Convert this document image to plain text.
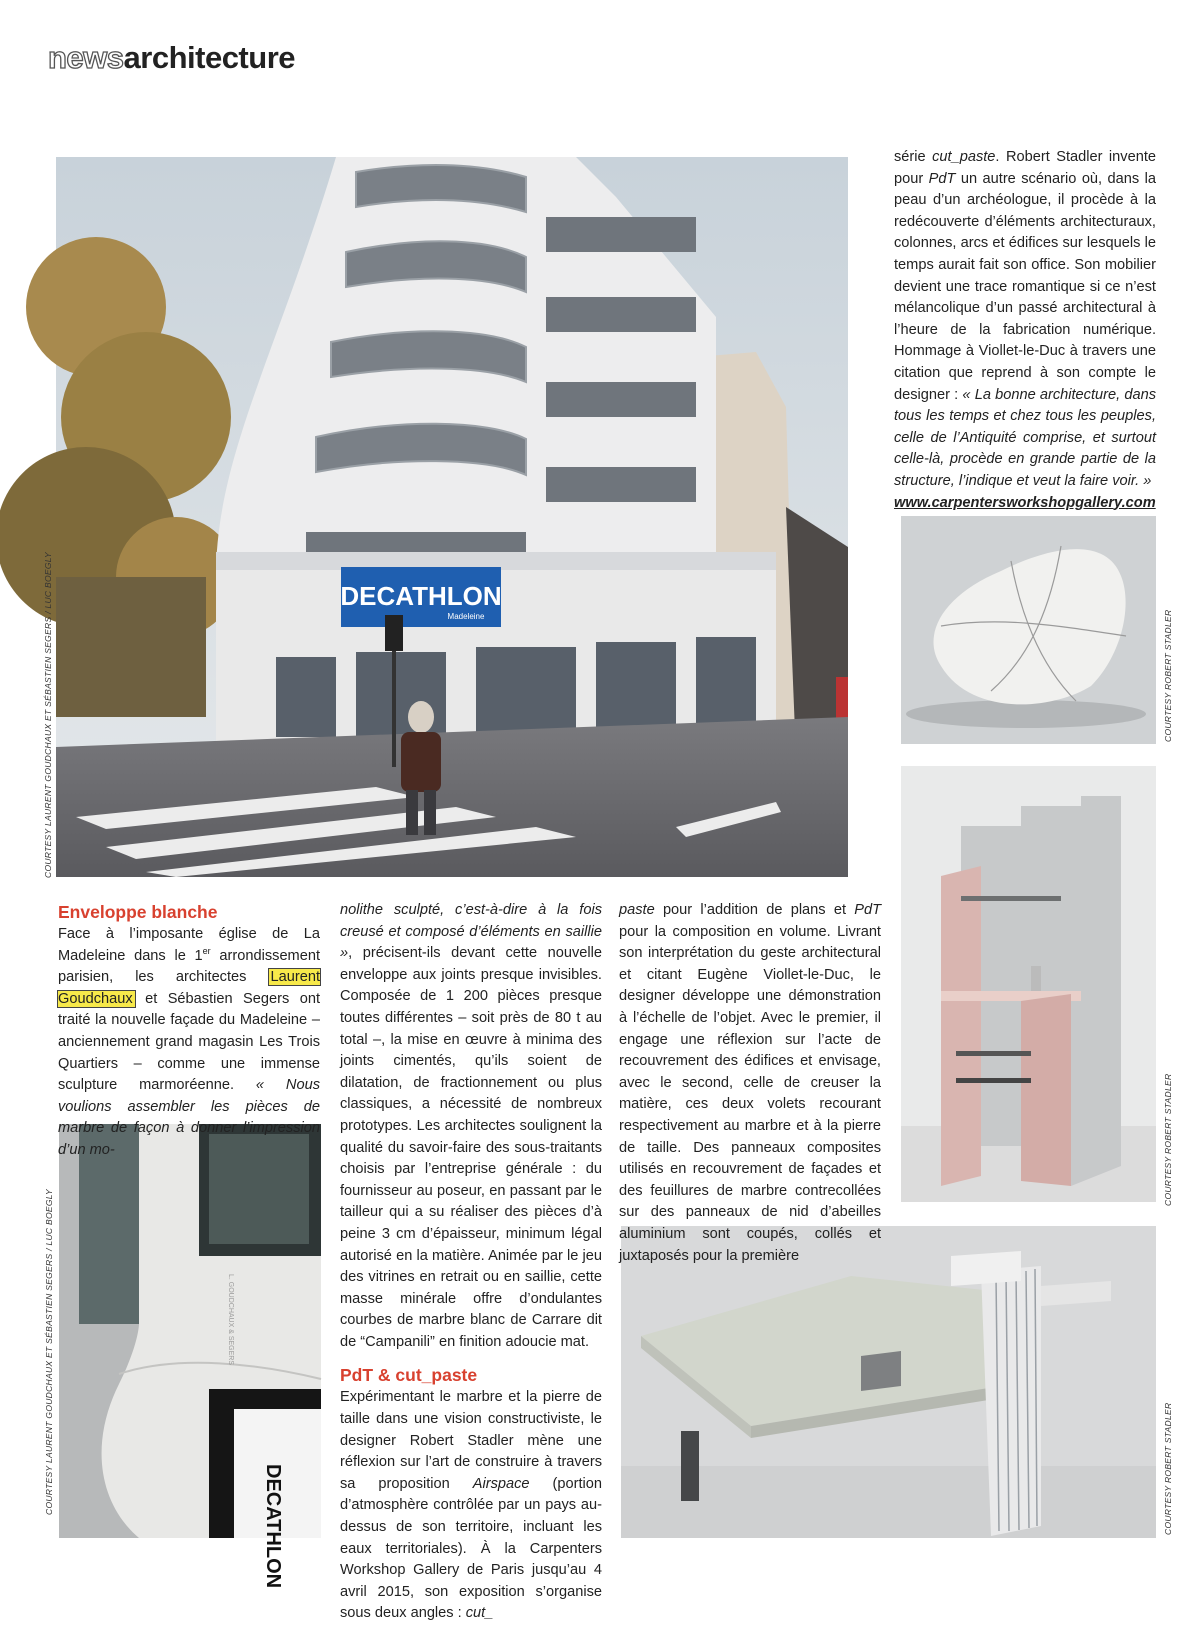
newsarchitecture
DECATHLON
Madeleine
COURTESY LAURENT GOUDCHAUX ET SÉBASTIEN SEGERS / LUC BOEGLY
DECATHLON
L. GOUDCHAUX & SEGERS
COURTESY LAURENT GOUDCHAUX ET SÉBASTIEN SEGERS / LUC BOEGLY
COURTESY ROBERT STADLER
COURTESY ROBERT STADLER
COURTESY ROBERT STADLER

série cut_paste. Robert Stadler invente pour PdT un autre scénario où, dans la peau d’un archéologue, il procède à la redécouverte d’éléments architecturaux, colonnes, arcs et édifices sur lesquels le temps aurait fait son office. Son mobilier devient une trace romantique si ce n’est mélancolique d’un passé architectural à l’heure de la fabrication numérique. Hommage à Viollet-le-Duc à travers une citation que reprend à son compte le designer : « La bonne architecture, dans tous les temps et chez tous les peuples, celle de l’Antiquité comprise, et surtout celle-là, procède en grande partie de la structure, l’indique et veut la faire voir. »

www.carpentersworkshopgallery.com

Enveloppe blanche

Face à l’imposante église de La Madeleine dans le 1er arrondissement parisien, les architectes Laurent Goudchaux et Sébastien Segers ont traité la nouvelle façade du Madeleine – anciennement grand magasin Les Trois Quartiers – comme une immense sculpture marmoréenne. « Nous voulions assembler les pièces de marbre de façon à donner l’impression d’un mo-

nolithe sculpté, c’est-à-dire à la fois creusé et composé d’éléments en saillie », précisent-ils devant cette nouvelle enveloppe aux joints presque invisibles. Composée de 1 200 pièces presque toutes différentes – soit près de 80 t au total –, la mise en œuvre à minima des joints cimentés, qu’ils soient de dilatation, de fractionnement ou plus classiques, a nécessité de nombreux prototypes. Les architectes soulignent la qualité du savoir-faire des sous-traitants choisis par l’entreprise générale : du fournisseur au poseur, en passant par le tailleur qui a su réaliser des pièces d’à peine 3 cm d’épaisseur, minimum légal autorisé en la matière. Animée par le jeu des vitrines en retrait ou en saillie, cette masse minérale offre d’ondulantes courbes de marbre blanc de Carrare dit de “Campanili” en finition adoucie mat.

PdT & cut_paste

Expérimentant le marbre et la pierre de taille dans une vision constructiviste, le designer Robert Stadler mène une réflexion sur l’art de construire à travers sa proposition Airspace (portion d’atmosphère contrôlée par un pays au-dessus de son territoire, incluant les eaux territoriales). À la Carpenters Workshop Gallery de Paris jusqu’au 4 avril 2015, son exposition s’organise sous deux angles : cut_

paste pour l’addition de plans et PdT pour la composition en volume. Livrant son interprétation du geste architectural et citant Eugène Viollet-le-Duc, le designer développe une démonstration à l’échelle de l’objet. Avec le premier, il engage une réflexion sur l’acte de recouvrement des édifices et envisage, avec le second, celle de creuser la matière, ces deux volets recourant respectivement au marbre et à la pierre de taille. Des panneaux composites utilisés en recouvrement de façades et des feuillures de marbre contrecollées sur des panneaux de nid d’abeilles aluminium sont coupés, collés et juxtaposés pour la première
